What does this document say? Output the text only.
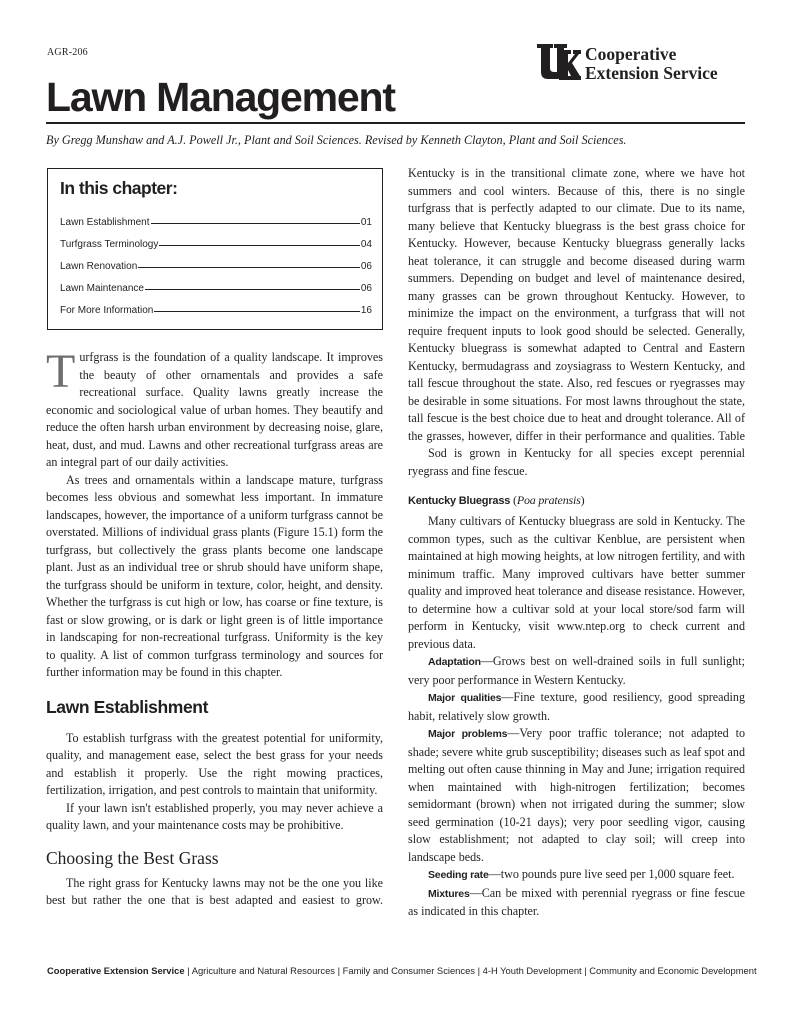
AGR-206	Cooperative
Extension Service
Lawn Management
By Gregg Munshaw and A.J. Powell Jr., Plant and Soil Sciences. Revised by Kenneth Clayton, Plant and Soil Sciences.
In this chapter:
Lawn Establishment	01
Turfgrass Terminology	04
Lawn Renovation	06
Lawn Maintenance	06
For More Information	16

Turfgrass is the foundation of a quality landscape. It improves the beauty of other ornamentals and provides a safe recreational surface. Quality lawns greatly increase the economic and sociological value of urban homes. They beautify and reduce the often harsh urban environment by decreasing noise, glare, heat, dust, and mud. Lawns and other recreational turfgrass areas are an integral part of our daily activities.

As trees and ornamentals within a landscape mature, turfgrass becomes less obvious and somewhat less important. In immature landscapes, however, the importance of a uniform turfgrass cannot be overstated. Millions of individual grass plants (Figure 15.1) form the turfgrass, but collectively the grass plants become one landscape plant. Just as an individual tree or shrub should have uniform shape, the turfgrass should be uniform in texture, color, height, and density. Whether the turfgrass is cut high or low, has coarse or fine texture, is fast or slow growing, or is dark or light green is of little importance in landscaping for non-recreational turfgrass. Uniformity is the key to quality. A list of common turfgrass terminology and sources for further information may be found in this chapter.

Lawn Establishment

To establish turfgrass with the greatest potential for uniformity, quality, and management ease, select the best grass for your needs and establish it properly. Use the right mowing practices, fertilization, irrigation, and pest controls to maintain that uniformity.

If your lawn isn't established properly, you may never achieve a quality lawn, and your maintenance costs may be prohibitive.

Choosing the Best Grass

The right grass for Kentucky lawns may not be the one you like best but rather the one that is best adapted and easiest to grow.

Kentucky is in the transitional climate zone, where we have hot summers and cool winters. Because of this, there is no single turfgrass that is perfectly adapted to our climate. Due to its name, many believe that Kentucky bluegrass is the best grass choice for Kentucky. However, because Kentucky bluegrass generally lacks heat tolerance, it can struggle and become diseased during warm summers. Depending on budget and level of maintenance desired, many grasses can be grown throughout Kentucky. However, to minimize the impact on the environment, a turfgrass that will not require frequent inputs to look good should be selected. Generally, Kentucky bluegrass is somewhat adapted to Central and Eastern Kentucky, bermudagrass and zoysiagrass to Western Kentucky, and tall fescue throughout the state. Also, red fescues or ryegrasses may be desirable in some situations. For most lawns throughout the state, tall fescue is the best choice due to heat and drought tolerance. All of the grasses, however, differ in their performance and qualities. Table

Sod is grown in Kentucky for all species except perennial ryegrass and fine fescue.

Kentucky Bluegrass (Poa pratensis)

Many cultivars of Kentucky bluegrass are sold in Kentucky. The common types, such as the cultivar Kenblue, are persistent when maintained at high mowing heights, at low nitrogen fertility, and with minimum traffic. Many improved cultivars have better summer quality and improved heat tolerance and disease resistance. However, to determine how a cultivar sold at your local store/sod farm will perform in Kentucky, visit www.ntep.org to check current and previous data.

Adaptation—Grows best on well-drained soils in full sunlight; very poor performance in Western Kentucky.

Major qualities—Fine texture, good resiliency, good spreading habit, relatively slow growth.

Major problems—Very poor traffic tolerance; not adapted to shade; severe white grub susceptibility; diseases such as leaf spot and melting out often cause thinning in May and June; irrigation required when maintained with high-nitrogen fertilization; becomes semidormant (brown) when not irrigated during the summer; slow seed germination (10-21 days); very poor seedling vigor, causing slow establishment; not adapted to clay soil; will creep into landscape beds.

Seeding rate—two pounds pure live seed per 1,000 square feet.

Mixtures—Can be mixed with perennial ryegrass or fine fescue as indicated in this chapter.

Cooperative Extension Service | Agriculture and Natural Resources | Family and Consumer Sciences | 4-H Youth Development | Community and Economic Development
